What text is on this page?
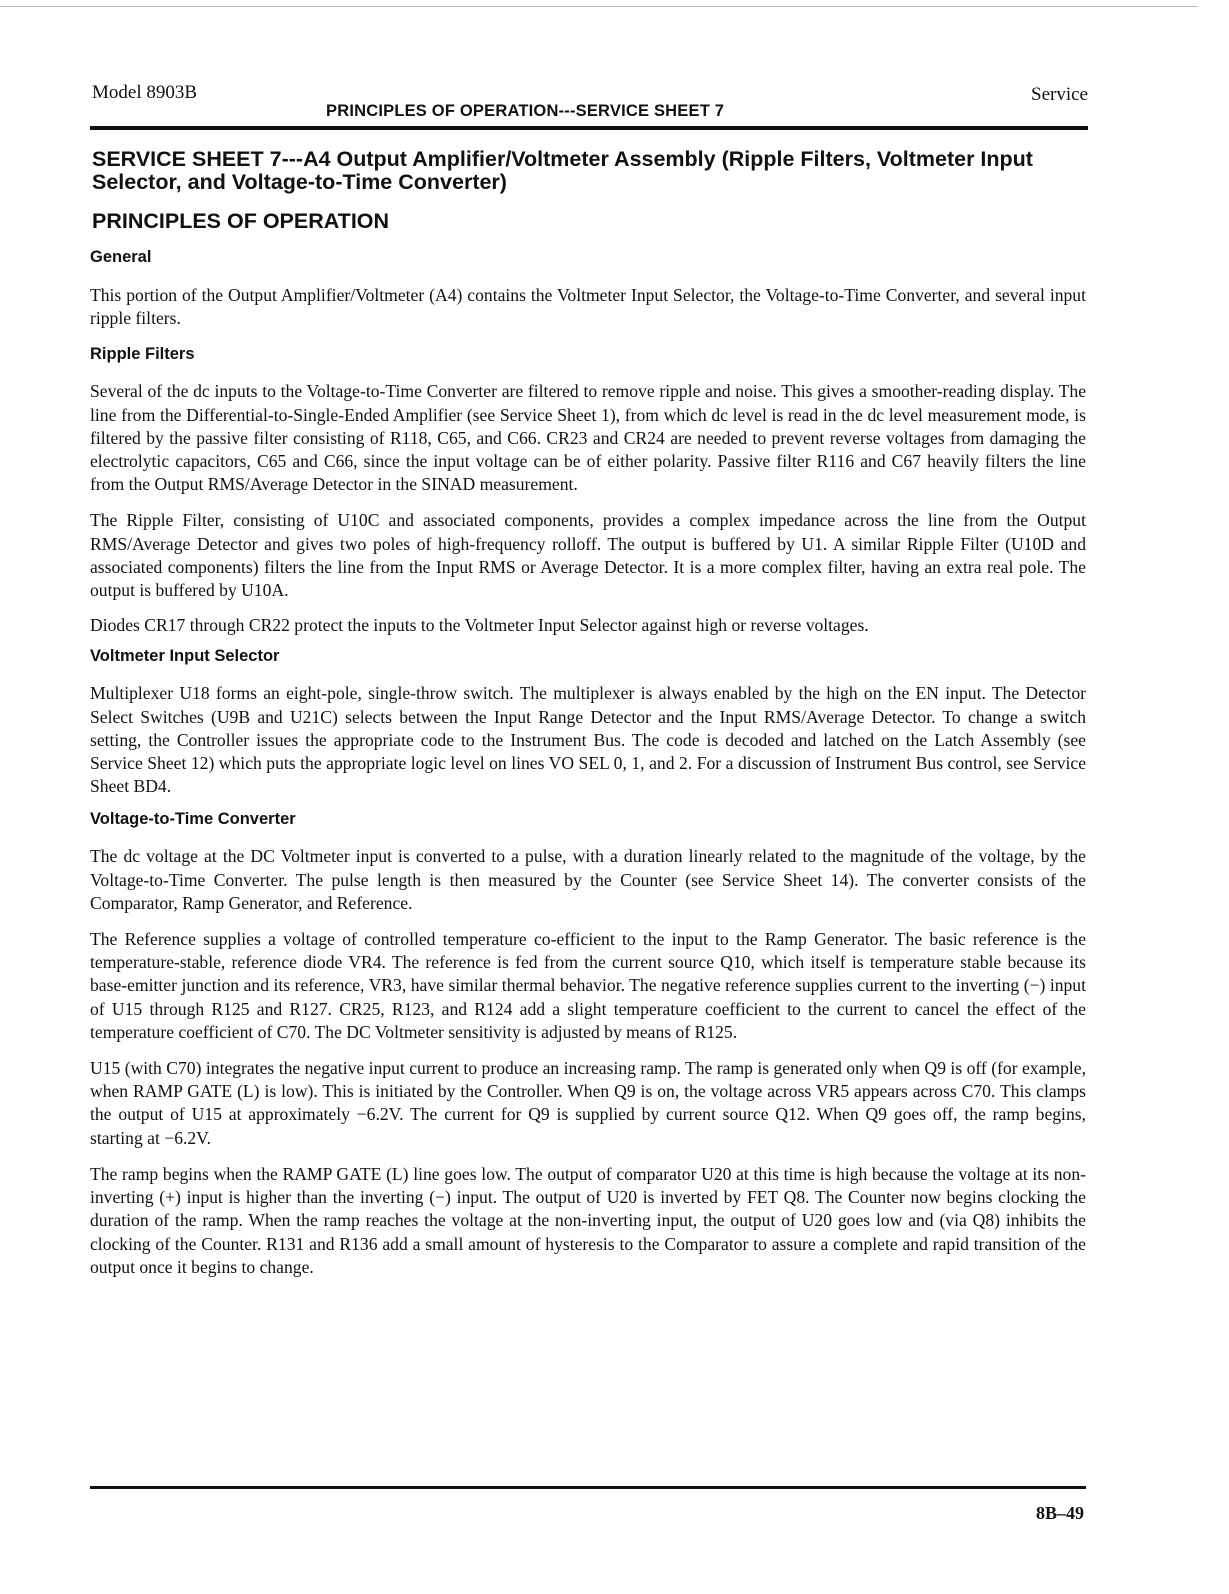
Model 8903B
PRINCIPLES OF OPERATION---SERVICE SHEET 7
Service
SERVICE SHEET 7---A4 Output Amplifier/Voltmeter Assembly (Ripple Filters, Voltmeter Input Selector, and Voltage-to-Time Converter)
PRINCIPLES OF OPERATION
General

This portion of the Output Amplifier/Voltmeter (A4) contains the Voltmeter Input Selector, the Voltage-to-Time Converter, and several input ripple filters.

Ripple Filters

Several of the dc inputs to the Voltage-to-Time Converter are filtered to remove ripple and noise. This gives a smoother-reading display. The line from the Differential-to-Single-Ended Amplifier (see Service Sheet 1), from which dc level is read in the dc level measurement mode, is filtered by the passive filter consisting of R118, C65, and C66. CR23 and CR24 are needed to prevent reverse voltages from damaging the electrolytic capacitors, C65 and C66, since the input voltage can be of either polarity. Passive filter R116 and C67 heavily filters the line from the Output RMS/Average Detector in the SINAD measurement.

The Ripple Filter, consisting of U10C and associated components, provides a complex impedance across the line from the Output RMS/Average Detector and gives two poles of high-frequency rolloff. The output is buffered by U1. A similar Ripple Filter (U10D and associated components) filters the line from the Input RMS or Average Detector. It is a more complex filter, having an extra real pole. The output is buffered by U10A.

Diodes CR17 through CR22 protect the inputs to the Voltmeter Input Selector against high or reverse voltages.

Voltmeter Input Selector

Multiplexer U18 forms an eight-pole, single-throw switch. The multiplexer is always enabled by the high on the EN input. The Detector Select Switches (U9B and U21C) selects between the Input Range Detector and the Input RMS/Average Detector. To change a switch setting, the Controller issues the appropriate code to the Instrument Bus. The code is decoded and latched on the Latch Assembly (see Service Sheet 12) which puts the appropriate logic level on lines VO SEL 0, 1, and 2. For a discussion of Instrument Bus control, see Service Sheet BD4.

Voltage-to-Time Converter

The dc voltage at the DC Voltmeter input is converted to a pulse, with a duration linearly related to the magnitude of the voltage, by the Voltage-to-Time Converter. The pulse length is then measured by the Counter (see Service Sheet 14). The converter consists of the Comparator, Ramp Generator, and Reference.

The Reference supplies a voltage of controlled temperature co-efficient to the input to the Ramp Generator. The basic reference is the temperature-stable, reference diode VR4. The reference is fed from the current source Q10, which itself is temperature stable because its base-emitter junction and its reference, VR3, have similar thermal behavior. The negative reference supplies current to the inverting (−) input of U15 through R125 and R127. CR25, R123, and R124 add a slight temperature coefficient to the current to cancel the effect of the temperature coefficient of C70. The DC Voltmeter sensitivity is adjusted by means of R125.

U15 (with C70) integrates the negative input current to produce an increasing ramp. The ramp is generated only when Q9 is off (for example, when RAMP GATE (L) is low). This is initiated by the Controller. When Q9 is on, the voltage across VR5 appears across C70. This clamps the output of U15 at approximately −6.2V. The current for Q9 is supplied by current source Q12. When Q9 goes off, the ramp begins, starting at −6.2V.

The ramp begins when the RAMP GATE (L) line goes low. The output of comparator U20 at this time is high because the voltage at its non-inverting (+) input is higher than the inverting (−) input. The output of U20 is inverted by FET Q8. The Counter now begins clocking the duration of the ramp. When the ramp reaches the voltage at the non-inverting input, the output of U20 goes low and (via Q8) inhibits the clocking of the Counter. R131 and R136 add a small amount of hysteresis to the Comparator to assure a complete and rapid transition of the output once it begins to change.

8B–49
